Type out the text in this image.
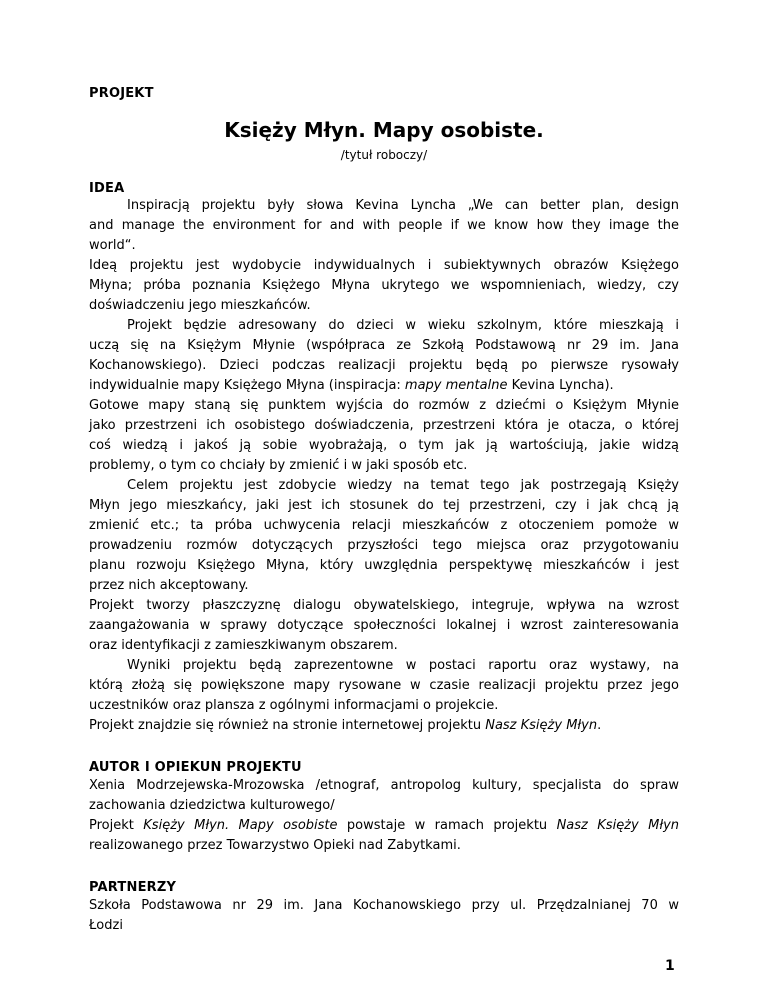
PROJEKT
Księży Młyn. Mapy osobiste.
/tytuł roboczy/
IDEA
Inspiracją projektu były słowa Kevina Lyncha „We can better plan, design
and manage the environment for and with people if we know how they image the
world“.
Ideą projektu jest wydobycie indywidualnych i subiektywnych obrazów Księżego
Młyna; próba poznania Księżego Młyna ukrytego we wspomnieniach, wiedzy, czy
doświadczeniu jego mieszkańców.
Projekt będzie adresowany do dzieci w wieku szkolnym, które mieszkają i
uczą się na Księżym Młynie (współpraca ze Szkołą Podstawową nr 29 im. Jana
Kochanowskiego). Dzieci podczas realizacji projektu będą po pierwsze rysowały
indywidualnie mapy Księżego Młyna (inspiracja: mapy mentalne Kevina Lyncha).
Gotowe mapy staną się punktem wyjścia do rozmów z dziećmi o Księżym Młynie
jako przestrzeni ich osobistego doświadczenia, przestrzeni która je otacza, o której
coś wiedzą i jakoś ją sobie wyobrażają, o tym jak ją wartościują, jakie widzą
problemy, o tym co chciały by zmienić i w jaki sposób etc.
Celem projektu jest zdobycie wiedzy na temat tego jak postrzegają Księży
Młyn jego mieszkańcy, jaki jest ich stosunek do tej przestrzeni, czy i jak chcą ją
zmienić etc.; ta próba uchwycenia relacji mieszkańców z otoczeniem pomoże w
prowadzeniu rozmów dotyczących przyszłości tego miejsca oraz przygotowaniu
planu rozwoju Księżego Młyna, który uwzględnia perspektywę mieszkańców i jest
przez nich akceptowany.
Projekt tworzy płaszczyznę dialogu obywatelskiego, integruje, wpływa na wzrost
zaangażowania w sprawy dotyczące społeczności lokalnej i wzrost zainteresowania
oraz identyfikacji z zamieszkiwanym obszarem.
Wyniki projektu będą zaprezentowne w postaci raportu oraz wystawy, na
którą złożą się powiększone mapy rysowane w czasie realizacji projektu przez jego
uczestników oraz plansza z ogólnymi informacjami o projekcie.
Projekt znajdzie się również na stronie internetowej projektu Nasz Księży Młyn.
AUTOR I OPIEKUN PROJEKTU
Xenia Modrzejewska-Mrozowska /etnograf, antropolog kultury, specjalista do spraw
zachowania dziedzictwa kulturowego/
Projekt Księży Młyn. Mapy osobiste powstaje w ramach projektu Nasz Księży Młyn
realizowanego przez Towarzystwo Opieki nad Zabytkami.
PARTNERZY
Szkoła Podstawowa nr 29 im. Jana Kochanowskiego przy ul. Przędzalnianej 70 w
Łodzi
1
